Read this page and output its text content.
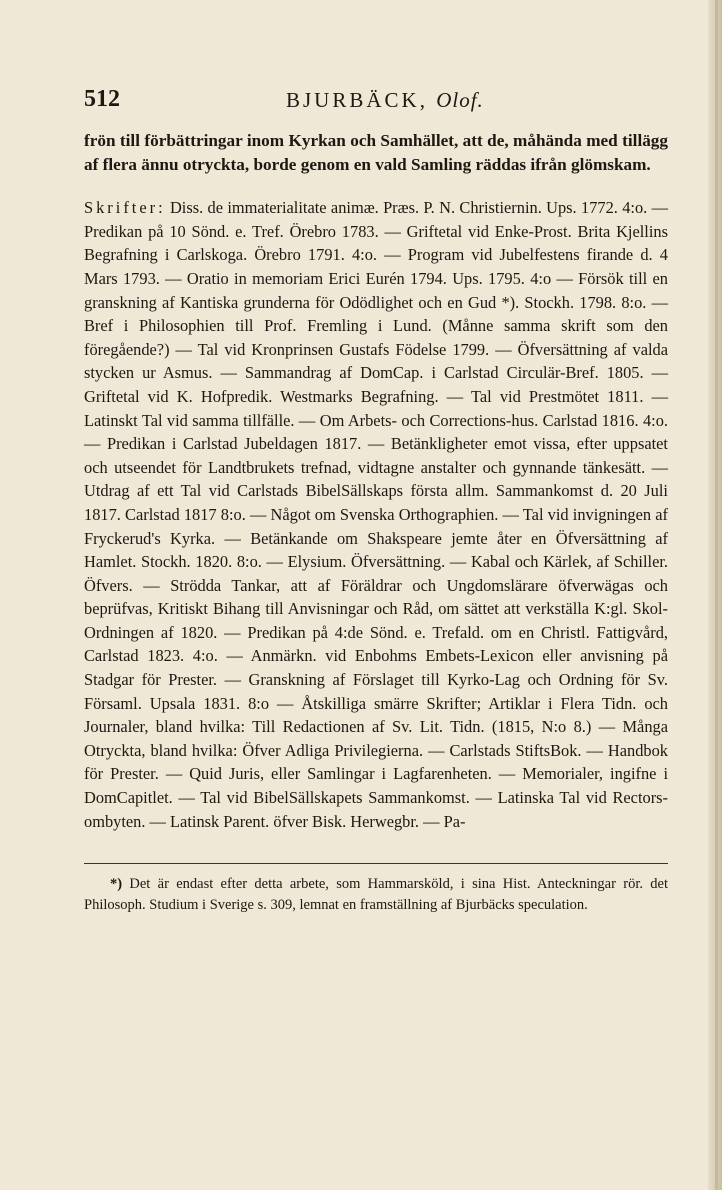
512	BJURBÄCK, Olof.

frön till förbättringar inom Kyrkan och Samhället, att de, måhända med tillägg af flera ännu otryckta, borde genom en vald Samling räddas ifrån glömskam.

Skrifter: Diss. de immaterialitate animæ. Præs. P. N. Christiernin. Ups. 1772. 4:o. — Predikan på 10 Sönd. e. Tref. Örebro 1783. — Griftetal vid Enke-Prost. Brita Kjellins Begrafning i Carlskoga. Örebro 1791. 4:o. — Program vid Jubelfestens firande d. 4 Mars 1793. — Oratio in memoriam Erici Eurén 1794. Ups. 1795. 4:o — Försök till en granskning af Kantiska grunderna för Odödlighet och en Gud *). Stockh. 1798. 8:o. — Bref i Philosophien till Prof. Fremling i Lund. (Månne samma skrift som den föregående?) — Tal vid Kronprinsen Gustafs Födelse 1799. — Öfversättning af valda stycken ur Asmus. — Sammandrag af DomCap. i Carlstad Circulär-Bref. 1805. — Griftetal vid K. Hofpredik. Westmarks Begrafning. — Tal vid Prestmötet 1811. — Latinskt Tal vid samma tillfälle. — Om Arbets- och Corrections-hus. Carlstad 1816. 4:o. — Predikan i Carlstad Jubeldagen 1817. — Betänkligheter emot vissa, efter uppsatet och utseendet för Landtbrukets trefnad, vidtagne anstalter och gynnande tänkesätt. — Utdrag af ett Tal vid Carlstads BibelSällskaps första allm. Sammankomst d. 20 Juli 1817. Carlstad 1817 8:o. — Något om Svenska Orthographien. — Tal vid invigningen af Fryckerud's Kyrka. — Betänkande om Shakspeare jemte åter en Öfversättning af Hamlet. Stockh. 1820. 8:o. — Elysium. Öfversättning. — Kabal och Kärlek, af Schiller. Öfvers. — Strödda Tankar, att af Föräldrar och Ungdomslärare öfverwägas och beprüfvas, Kritiskt Bihang till Anvisningar och Råd, om sättet att verkställa K:gl. Skol-Ordningen af 1820. — Predikan på 4:de Sönd. e. Trefald. om en Christl. Fattigvård, Carlstad 1823. 4:o. — Anmärkn. vid Enbohms Embets-Lexicon eller anvisning på Stadgar för Prester. — Granskning af Förslaget till Kyrko-Lag och Ordning för Sv. Församl. Upsala 1831. 8:o — Åtskilliga smärre Skrifter; Artiklar i Flera Tidn. och Journaler, bland hvilka: Till Redactionen af Sv. Lit. Tidn. (1815, N:o 8.) — Många Otryckta, bland hvilka: Öfver Adliga Privilegierna. — Carlstads StiftsBok. — Handbok för Prester. — Quid Juris, eller Samlingar i Lagfarenheten. — Memorialer, ingifne i DomCapitlet. — Tal vid BibelSällskapets Sammankomst. — Latinska Tal vid Rectors-ombyten. — Latinsk Parent. öfver Bisk. Herwegbr. — Pa-

*) Det är endast efter detta arbete, som Hammarsköld, i sina Hist. Anteckningar rör. det Philosoph. Studium i Sverige s. 309, lemnat en framställning af Bjurbäcks speculation.
